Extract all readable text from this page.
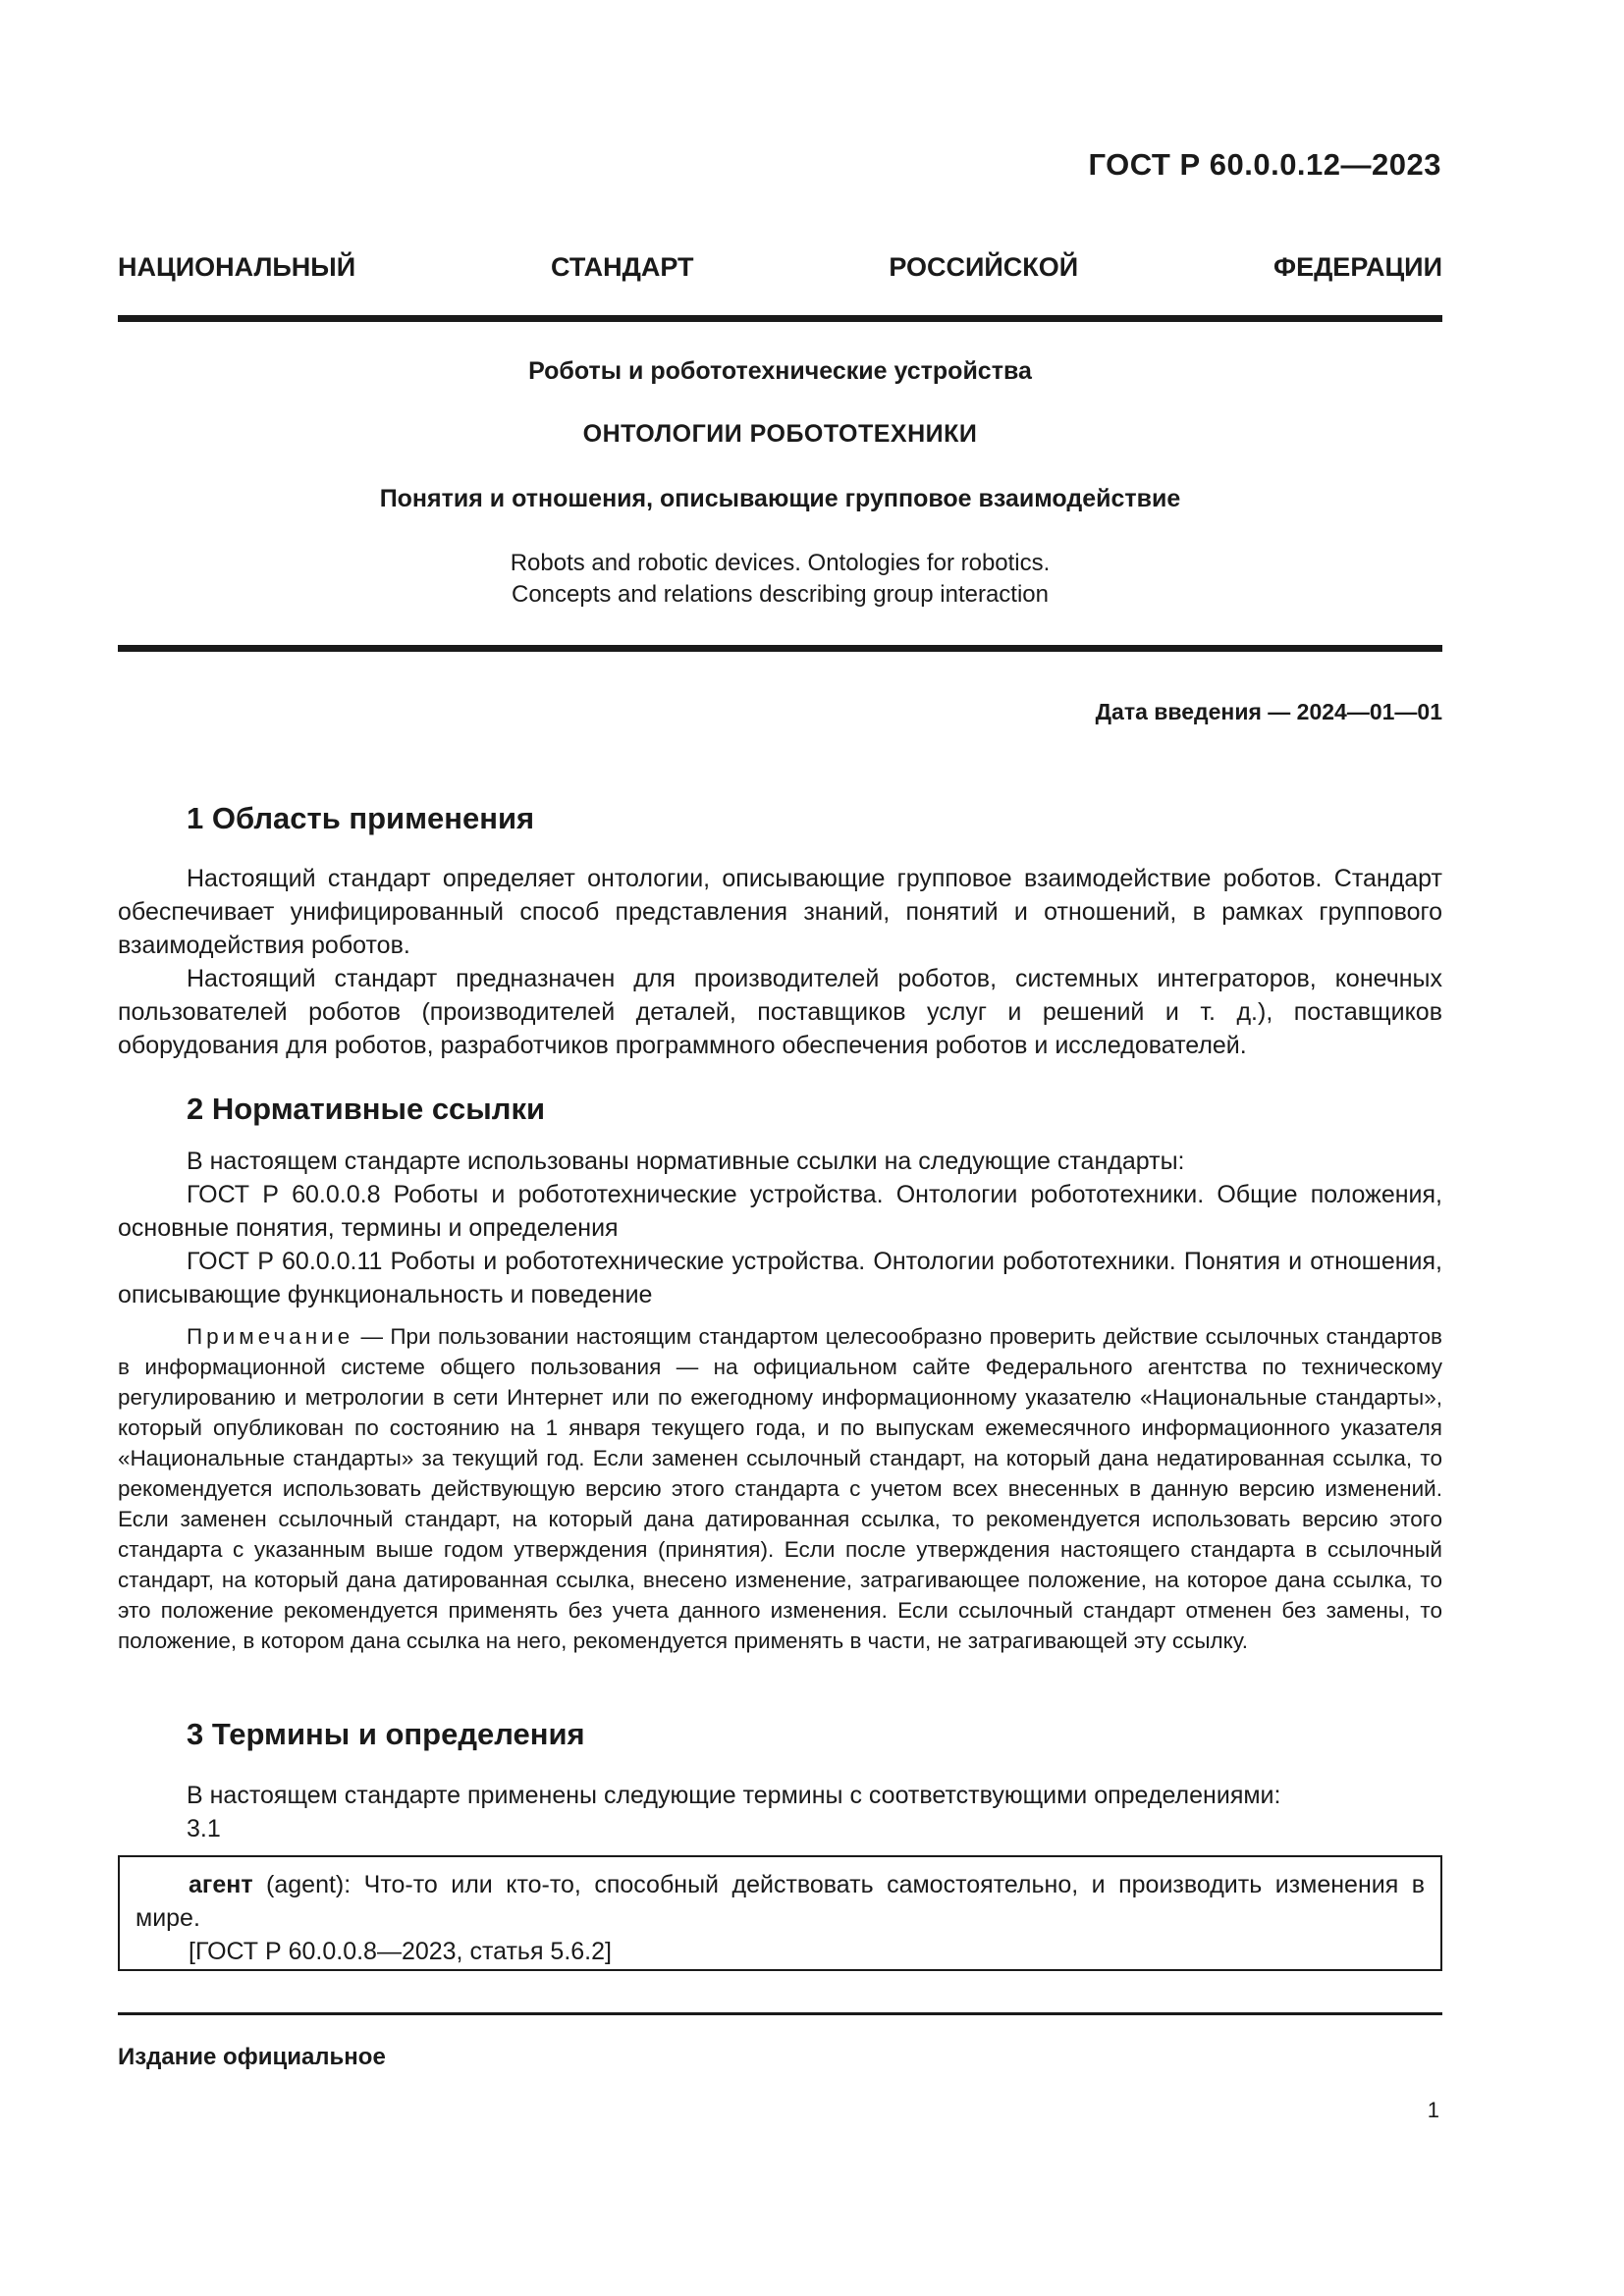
ГОСТ Р 60.0.0.12—2023
НАЦИОНАЛЬНЫЙ СТАНДАРТ РОССИЙСКОЙ ФЕДЕРАЦИИ
Роботы и робототехнические устройства
ОНТОЛОГИИ РОБОТОТЕХНИКИ
Понятия и отношения, описывающие групповое взаимодействие
Robots and robotic devices. Ontologies for robotics.
Concepts and relations describing group interaction
Дата введения — 2024—01—01
1 Область применения
Настоящий стандарт определяет онтологии, описывающие групповое взаимодействие роботов. Стандарт обеспечивает унифицированный способ представления знаний, понятий и отношений, в рамках группового взаимодействия роботов.
Настоящий стандарт предназначен для производителей роботов, системных интеграторов, конечных пользователей роботов (производителей деталей, поставщиков услуг и решений и т. д.), поставщиков оборудования для роботов, разработчиков программного обеспечения роботов и исследователей.
2 Нормативные ссылки
В настоящем стандарте использованы нормативные ссылки на следующие стандарты:
ГОСТ Р 60.0.0.8 Роботы и робототехнические устройства. Онтологии робототехники. Общие положения, основные понятия, термины и определения
ГОСТ Р 60.0.0.11 Роботы и робототехнические устройства. Онтологии робототехники. Понятия и отношения, описывающие функциональность и поведение
Примечание — При пользовании настоящим стандартом целесообразно проверить действие ссылочных стандартов в информационной системе общего пользования — на официальном сайте Федерального агентства по техническому регулированию и метрологии в сети Интернет или по ежегодному информационному указателю «Национальные стандарты», который опубликован по состоянию на 1 января текущего года, и по выпускам ежемесячного информационного указателя «Национальные стандарты» за текущий год. Если заменен ссылочный стандарт, на который дана недатированная ссылка, то рекомендуется использовать действующую версию этого стандарта с учетом всех внесенных в данную версию изменений. Если заменен ссылочный стандарт, на который дана датированная ссылка, то рекомендуется использовать версию этого стандарта с указанным выше годом утверждения (принятия). Если после утверждения настоящего стандарта в ссылочный стандарт, на который дана датированная ссылка, внесено изменение, затрагивающее положение, на которое дана ссылка, то это положение рекомендуется применять без учета данного изменения. Если ссылочный стандарт отменен без замены, то положение, в котором дана ссылка на него, рекомендуется применять в части, не затрагивающей эту ссылку.
3 Термины и определения
В настоящем стандарте применены следующие термины с соответствующими определениями:
3.1
агент (agent): Что-то или кто-то, способный действовать самостоятельно, и производить изменения в мире.
[ГОСТ Р 60.0.0.8—2023, статья 5.6.2]
Издание официальное
1
